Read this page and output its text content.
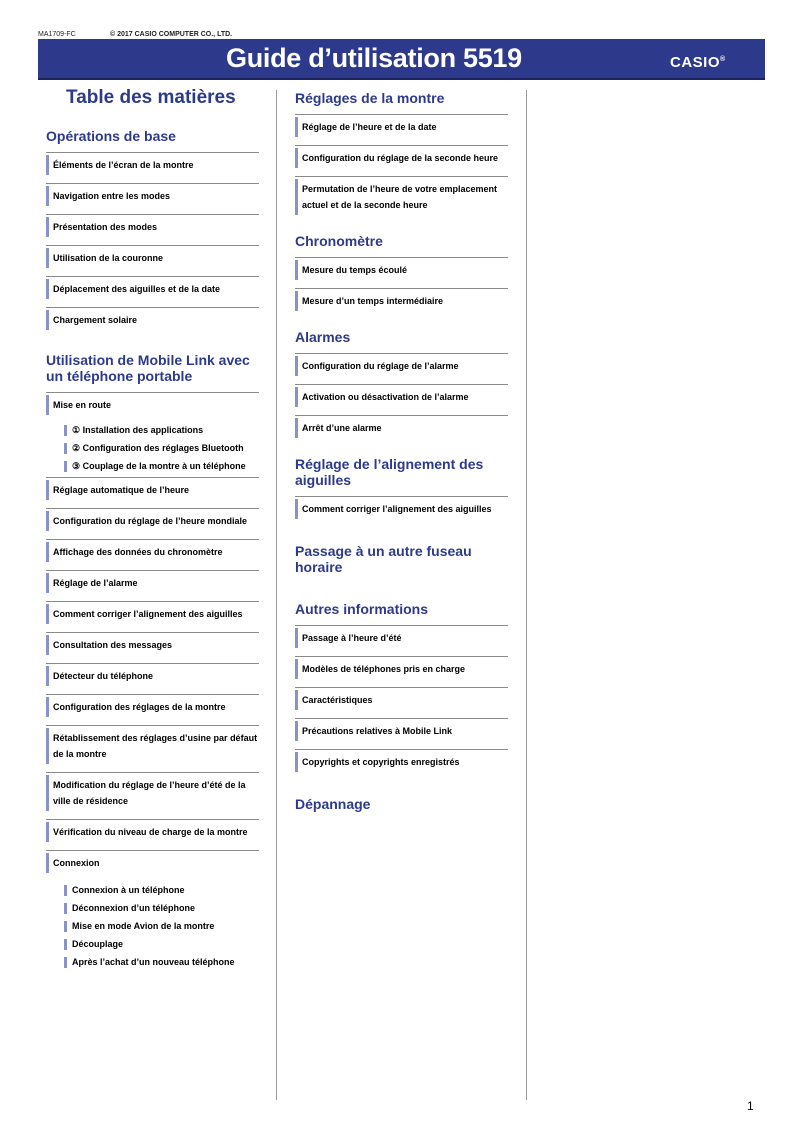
MA1709-FC	© 2017 CASIO COMPUTER CO., LTD.
Guide d’utilisation 5519	CASIO®
Table des matières
Opérations de base
Éléments de l’écran de la montre
Navigation entre les modes
Présentation des modes
Utilisation de la couronne
Déplacement des aiguilles et de la date
Chargement solaire
Utilisation de Mobile Link avec un téléphone portable
Mise en route
① Installation des applications
② Configuration des réglages Bluetooth
③ Couplage de la montre à un téléphone
Réglage automatique de l’heure
Configuration du réglage de l’heure mondiale
Affichage des données du chronomètre
Réglage de l’alarme
Comment corriger l’alignement des aiguilles
Consultation des messages
Détecteur du téléphone
Configuration des réglages de la montre
Rétablissement des réglages d’usine par défaut de la montre
Modification du réglage de l’heure d’été de la ville de résidence
Vérification du niveau de charge de la montre
Connexion
Connexion à un téléphone
Déconnexion d’un téléphone
Mise en mode Avion de la montre
Découplage
Après l’achat d’un nouveau téléphone
Réglages de la montre
Réglage de l’heure et de la date
Configuration du réglage de la seconde heure
Permutation de l’heure de votre emplacement actuel et de la seconde heure
Chronomètre
Mesure du temps écoulé
Mesure d’un temps intermédiaire
Alarmes
Configuration du réglage de l’alarme
Activation ou désactivation de l’alarme
Arrêt d’une alarme
Réglage de l’alignement des aiguilles
Comment corriger l’alignement des aiguilles
Passage à un autre fuseau horaire
Autres informations
Passage à l’heure d’été
Modèles de téléphones pris en charge
Caractéristiques
Précautions relatives à Mobile Link
Copyrights et copyrights enregistrés
Dépannage
1
